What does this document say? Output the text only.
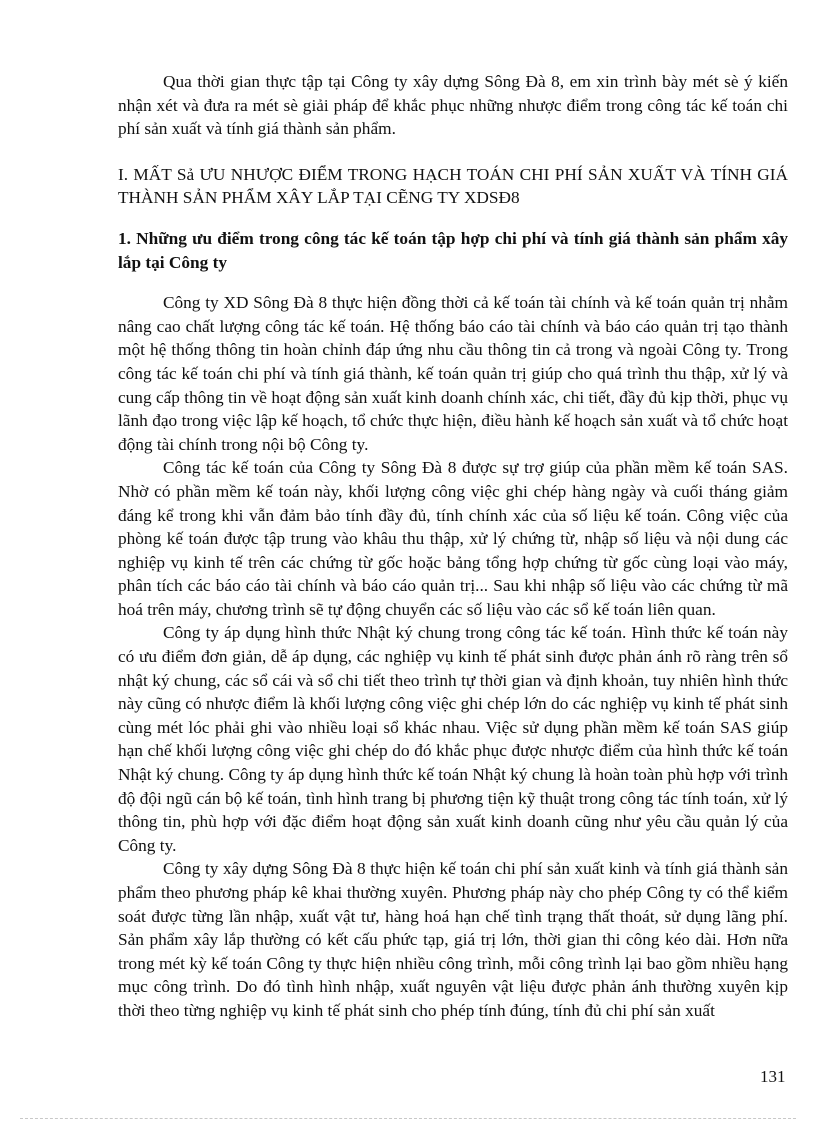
Qua thời gian thực tập tại Công ty xây dựng Sông Đà 8, em xin trình bày mét sè ý kiến nhận xét và đưa ra mét sè giải pháp để khắc phục những nhược điểm trong công tác kế toán chi phí sản xuất và tính giá thành sản phẩm.

I. MẤT Sả ƯU NHƯỢC ĐIỂM TRONG HẠCH TOÁN CHI PHÍ SẢN XUẤT VÀ TÍNH GIÁ THÀNH SẢN PHẨM XÂY LẮP TẠI CẼNG TY XDSĐ8

1. Những ưu điểm trong công tác kế toán tập hợp chi phí và tính giá thành sản phẩm xây lắp tại Công ty

Công ty XD Sông Đà 8 thực hiện đồng thời cả kế toán tài chính và kế toán quản trị nhằm nâng cao chất lượng công tác kế toán. Hệ thống báo cáo tài chính và báo cáo quản trị tạo thành một hệ thống thông tin hoàn chỉnh đáp ứng nhu cầu thông tin cả trong và ngoài Công ty. Trong công tác kế toán chi phí và tính giá thành, kế toán quản trị giúp cho quá trình thu thập, xử lý và cung cấp thông tin về hoạt động sản xuất kinh doanh chính xác, chi tiết, đầy đủ kịp thời, phục vụ lãnh đạo trong việc lập kế hoạch, tổ chức thực hiện, điều hành kế hoạch sản xuất và tổ chức hoạt động tài chính trong nội bộ Công ty.

Công tác kế toán của Công ty Sông Đà 8 được sự trợ giúp của phần mềm kế toán SAS. Nhờ có phần mềm kế toán này, khối lượng công việc ghi chép hàng ngày và cuối tháng giảm đáng kể trong khi vẫn đảm bảo tính đầy đủ, tính chính xác của số liệu kế toán. Công việc của phòng kế toán được tập trung vào khâu thu thập, xử lý chứng từ, nhập số liệu và nội dung các nghiệp vụ kinh tế trên các chứng từ gốc hoặc bảng tổng hợp chứng từ gốc cùng loại vào máy, phân tích các báo cáo tài chính và báo cáo quản trị... Sau khi nhập số liệu vào các chứng từ mã hoá trên máy, chương trình sẽ tự động chuyển các số liệu vào các sổ kế toán liên quan.

Công ty áp dụng hình thức Nhật ký chung trong công tác kế toán. Hình thức kế toán này có ưu điểm đơn giản, dễ áp dụng, các nghiệp vụ kinh tế phát sinh được phản ánh rõ ràng trên sổ nhật ký chung, các sổ cái và sổ chi tiết theo trình tự thời gian và định khoản, tuy nhiên hình thức này cũng có nhược điểm là khối lượng công việc ghi chép lớn do các nghiệp vụ kinh tế phát sinh cùng mét lóc phải ghi vào nhiều loại sổ khác nhau. Việc sử dụng phần mềm kế toán SAS giúp hạn chế khối lượng công việc ghi chép do đó khắc phục được nhược điểm của hình thức kế toán Nhật ký chung. Công ty áp dụng hình thức kế toán Nhật ký chung là hoàn toàn phù hợp với trình độ đội ngũ cán bộ kế toán, tình hình trang bị phương tiện kỹ thuật trong công tác tính toán, xử lý thông tin, phù hợp với đặc điểm hoạt động sản xuất kinh doanh cũng như yêu cầu quản lý của Công ty.

Công ty xây dựng Sông Đà 8 thực hiện kế toán chi phí sản xuất kinh và tính giá thành sản phẩm theo phương pháp kê khai thường xuyên. Phương pháp này cho phép Công ty có thể kiểm soát được từng lần nhập, xuất vật tư, hàng hoá hạn chế tình trạng thất thoát, sử dụng lãng phí. Sản phẩm xây lắp thường có kết cấu phức tạp, giá trị lớn, thời gian thi công kéo dài. Hơn nữa trong mét kỳ kế toán Công ty thực hiện nhiều công trình, mỗi công trình lại bao gồm nhiều hạng mục công trình. Do đó tình hình nhập, xuất nguyên vật liệu được phản ánh thường xuyên kịp thời theo từng nghiệp vụ kinh tế phát sinh cho phép tính đúng, tính đủ chi phí sản xuất

131
